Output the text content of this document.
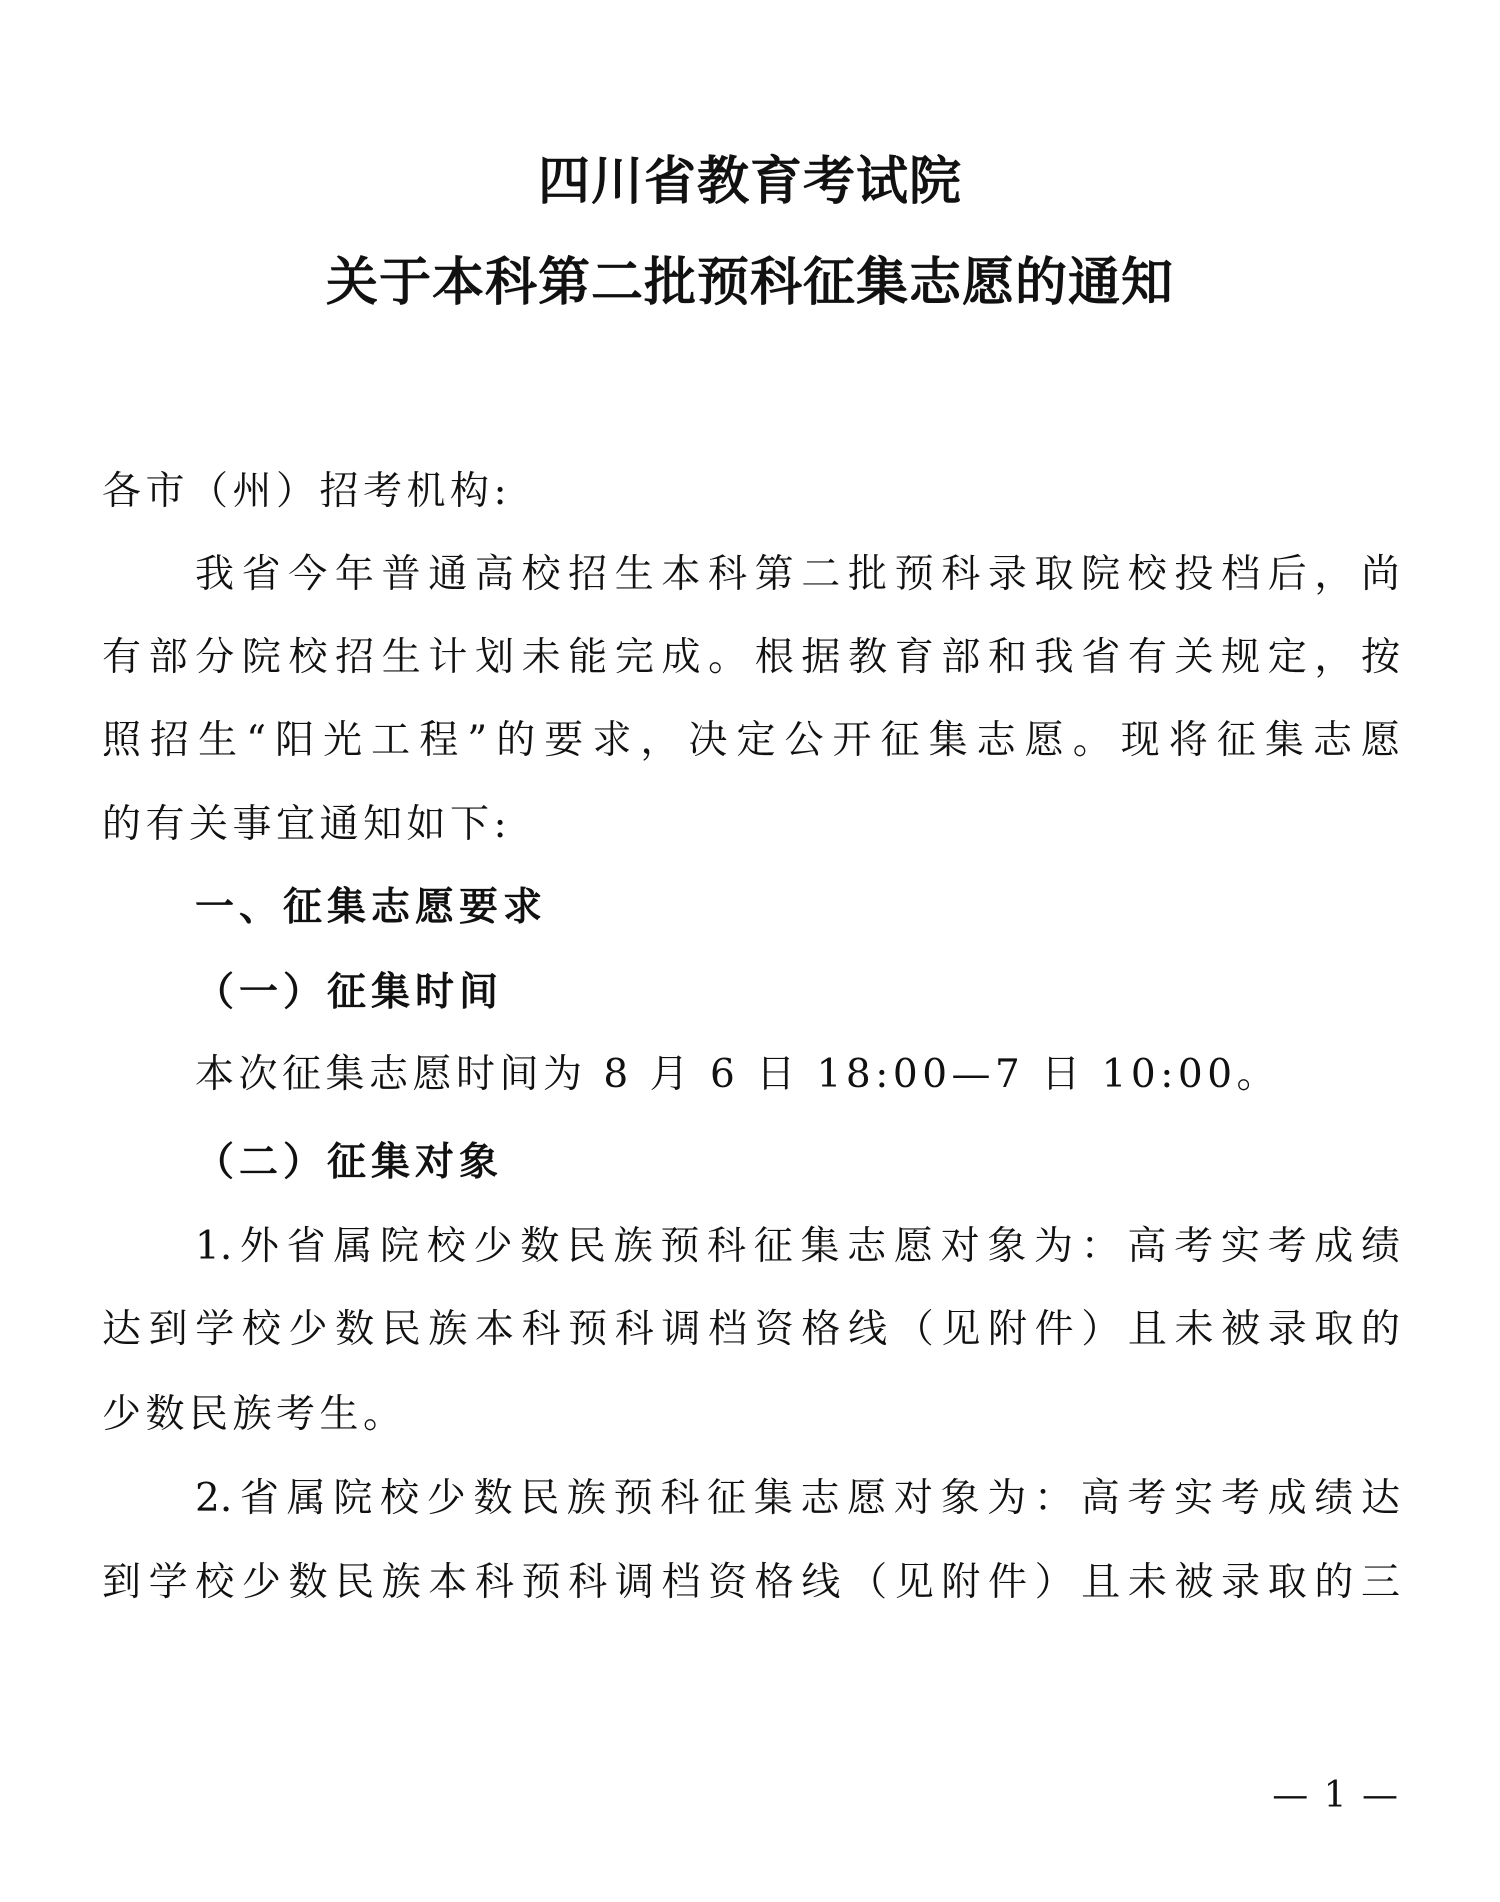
四川省教育考试院
关于本科第二批预科征集志愿的通知
各市（州）招考机构:
我省今年普通高校招生本科第二批预科录取院校投档后，尚
有部分院校招生计划未能完成。根据教育部和我省有关规定，按
照招生“阳光工程”的要求，决定公开征集志愿。现将征集志愿
的有关事宜通知如下:
一、征集志愿要求
（一）征集时间
本次征集志愿时间为 8 月 6 日 18:00—7 日 10:00。
（二）征集对象
1.外省属院校少数民族预科征集志愿对象为：高考实考成绩
达到学校少数民族本科预科调档资格线（见附件）且未被录取的
少数民族考生。
2.省属院校少数民族预科征集志愿对象为：高考实考成绩达
到学校少数民族本科预科调档资格线（见附件）且未被录取的三
— 1 —
